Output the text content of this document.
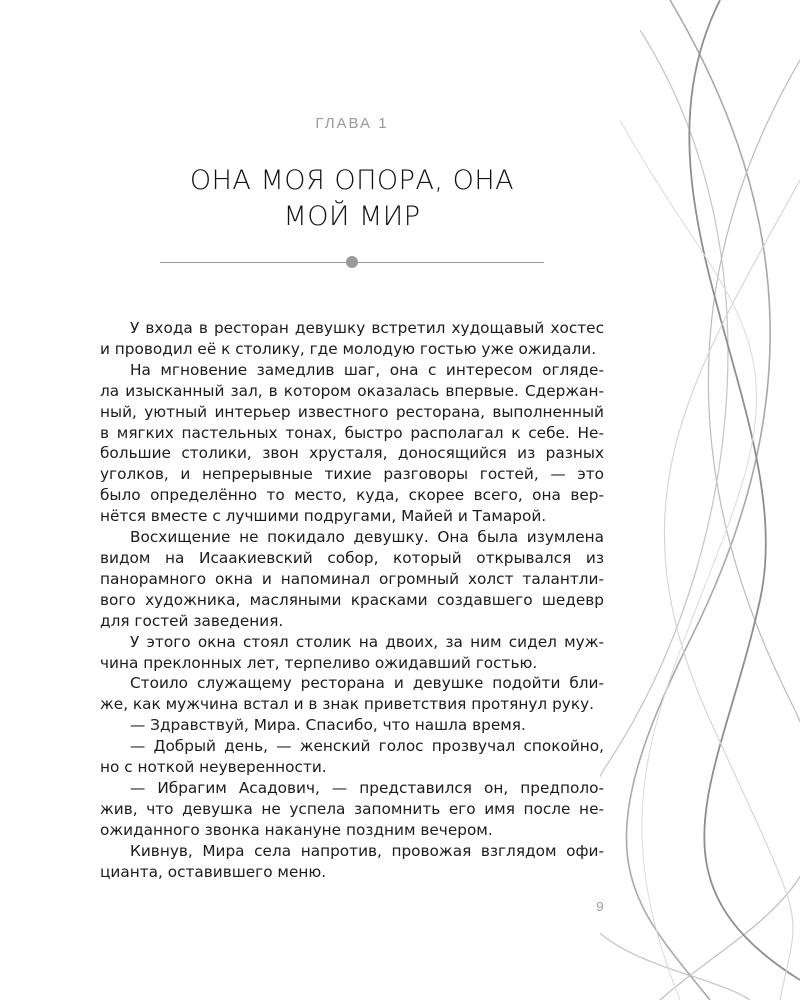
ГЛАВА 1
ОНА МОЯ ОПОРА, ОНА
МОЙ МИР
У входа в ресторан девушку встретил худощавый хостес
и проводил её к столику, где молодую гостью уже ожидали.
На мгновение замедлив шаг, она с интересом огляде-
ла изысканный зал, в котором оказалась впервые. Сдержан-
ный, уютный интерьер известного ресторана, выполненный
в мягких пастельных тонах, быстро располагал к себе. Не-
большие столики, звон хрусталя, доносящийся из разных
уголков, и непрерывные тихие разговоры гостей, — это
было определённо то место, куда, скорее всего, она вер-
нётся вместе с лучшими подругами, Майей и Тамарой.
Восхищение не покидало девушку. Она была изумлена
видом на Исаакиевский собор, который открывался из
панорамного окна и напоминал огромный холст талантли-
вого художника, масляными красками создавшего шедевр
для гостей заведения.
У этого окна стоял столик на двоих, за ним сидел муж-
чина преклонных лет, терпеливо ожидавший гостью.
Стоило служащему ресторана и девушке подойти бли-
же, как мужчина встал и в знак приветствия протянул руку.
— Здравствуй, Мира. Спасибо, что нашла время.
— Добрый день, — женский голос прозвучал спокойно,
но с ноткой неуверенности.
— Ибрагим Асадович, — представился он, предполо-
жив, что девушка не успела запомнить его имя после не-
ожиданного звонка накануне поздним вечером.
Кивнув, Мира села напротив, провожая взглядом офи-
цианта, оставившего меню.
9
